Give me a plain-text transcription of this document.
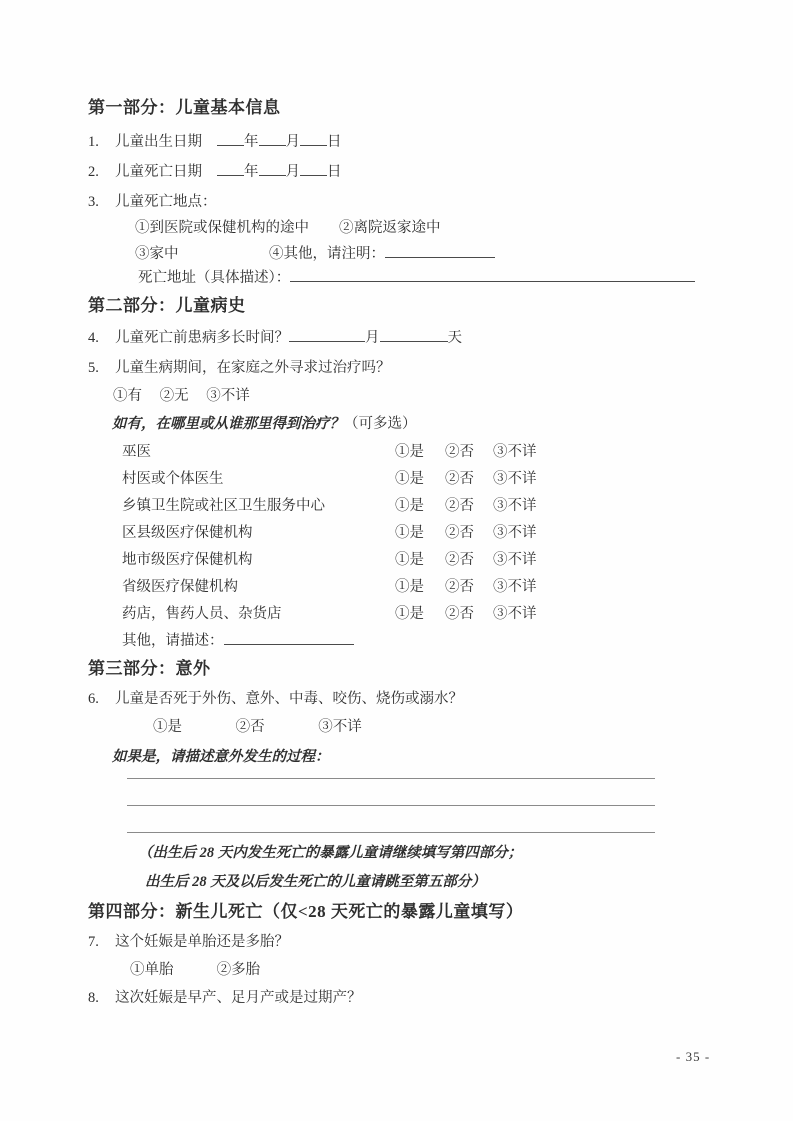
第一部分：儿童基本信息
1.	儿童出生日期	年 月 日
2.	儿童死亡日期	年 月 日
3.	儿童死亡地点：
①到医院或保健机构的途中 ②离院返家途中
③家中	④其他，请注明：
死亡地址（具体描述）：
第二部分：儿童病史
4.	儿童死亡前患病多长时间？	月	天
5.	儿童生病期间，在家庭之外寻求过治疗吗？
①有 ②无 ③不详
如有，在哪里或从谁那里得到治疗？（可多选）
巫医	①是 ②否 ③不详
村医或个体医生	①是 ②否 ③不详
乡镇卫生院或社区卫生服务中心	①是 ②否 ③不详
区县级医疗保健机构	①是 ②否 ③不详
地市级医疗保健机构	①是 ②否 ③不详
省级医疗保健机构	①是 ②否 ③不详
药店，售药人员、杂货店	①是 ②否 ③不详
其他，请描述：
第三部分：意外
6.	儿童是否死于外伤、意外、中毒、咬伤、烧伤或溺水？
①是	②否	③不详
如果是，请描述意外发生的过程：
（出生后 28 天内发生死亡的暴露儿童请继续填写第四部分；
出生后 28 天及以后发生死亡的儿童请跳至第五部分）
第四部分：新生儿死亡（仅<28 天死亡的暴露儿童填写）
7.	这个妊娠是单胎还是多胎？
①单胎	②多胎
8.	这次妊娠是早产、足月产或是过期产？
- 35 -
